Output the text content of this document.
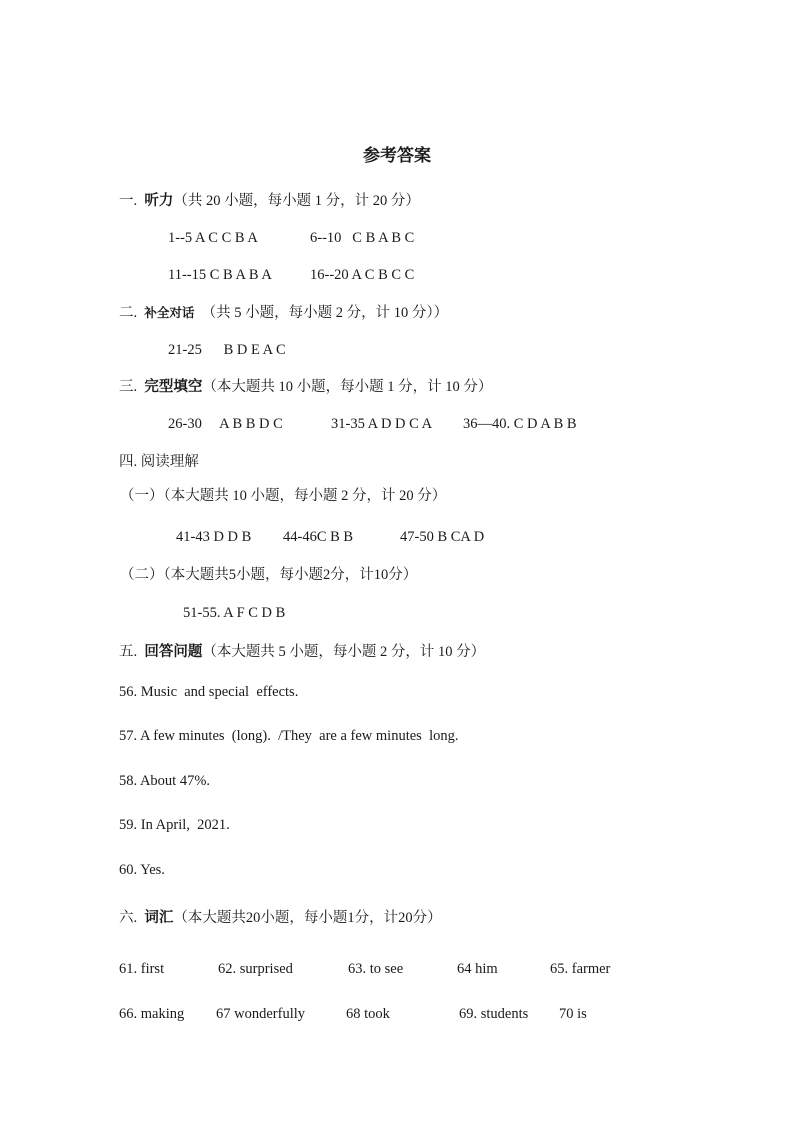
参考答案
一. 听力（共 20 小题，每小题 1 分，计 20 分）
1--5 A C C B A	6--10   C B A B C
11--15 C B A B A	16--20 A C B C C
二. 补全对话 （共 5 小题，每小题 2 分，计 10 分））
21-25      B D E A C
三. 完型填空（本大题共 10 小题，每小题 1 分，计 10 分）
26-30     A B B D C	31-35 A D D C A 36—40. C D A B B
四. 阅读理解
（一）（本大题共 10 小题，每小题 2 分，计 20 分）
41-43 D D B 44-46C B B	47-50 B CA D
（二）（本大题共5小题，每小题2分，计10分）
51-55. A F C D B
五. 回答问题（本大题共 5 小题，每小题 2 分，计 10 分）
56. Music  and special  effects.
57. A few minutes  (long).  /They  are a few minutes  long.
58. About 47%.
59. In April,  2021.
60. Yes.
六. 词汇（本大题共20小题，每小题1分，计20分）
61. first	62. surprised	63. to see	64 him	65. farmer
66. making 67 wonderfully	68 took	69. students 70 is
